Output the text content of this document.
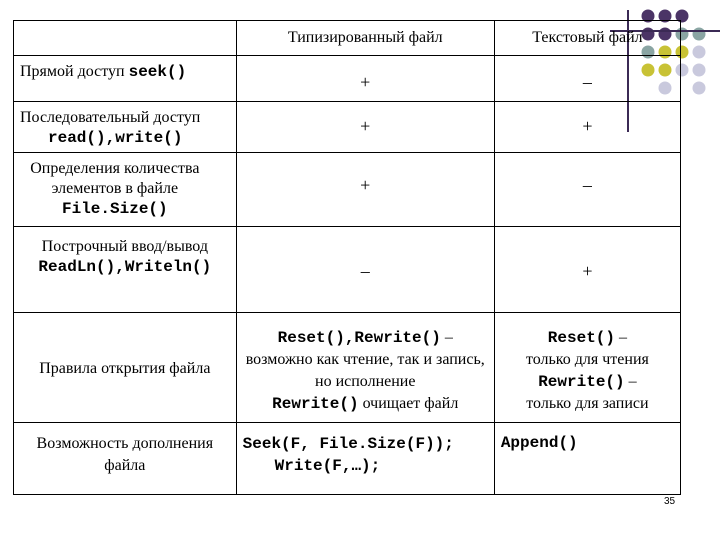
	Типизированный файл	Текстовый файл

Прямой доступ seek()	+	–

Последовательный доступ
read(),write()	+	+

Определения количества элементов в файле
File.Size()	+	–

Построчный ввод/вывод
ReadLn(),Writeln()	–	+

Правила открытия файла	Reset(),Rewrite() –
возможно как чтение, так и запись, но исполнение
Rewrite() очищает файл	Reset() –
только для чтения
Rewrite() –
только для записи

Возможность дополнения файла	Seek(F, File.Size(F));
Write(F,…);	Append()
35
